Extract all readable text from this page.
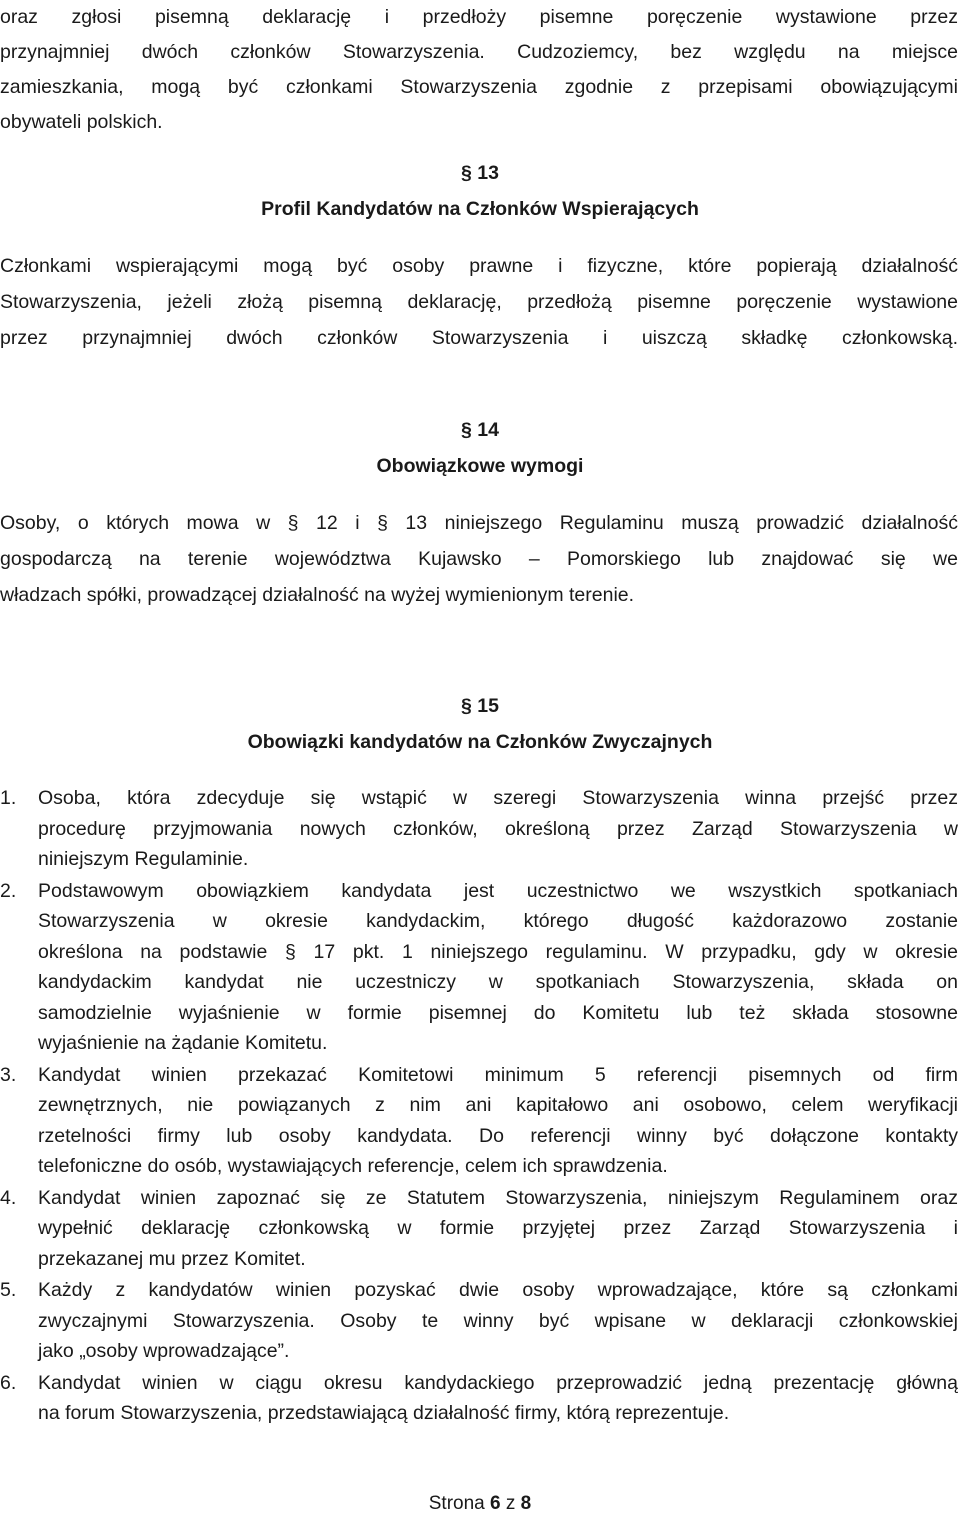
oraz zgłosi pisemną deklarację i przedłoży pisemne poręczenie wystawione przez

przynajmniej dwóch członków Stowarzyszenia. Cudzoziemcy, bez względu na miejsce

zamieszkania, mogą być członkami Stowarzyszenia zgodnie z przepisami obowiązującymi

obywateli polskich.

§ 13

Profil Kandydatów na Członków Wspierających

Członkami wspierającymi mogą być osoby prawne i fizyczne, które popierają działalność

Stowarzyszenia, jeżeli złożą pisemną deklarację, przedłożą pisemne poręczenie wystawione

przez przynajmniej dwóch członków Stowarzyszenia i uiszczą składkę członkowską.

§ 14

Obowiązkowe wymogi

Osoby, o których mowa w § 12 i § 13 niniejszego Regulaminu muszą prowadzić działalność

gospodarczą na terenie województwa Kujawsko – Pomorskiego lub znajdować się we

władzach spółki, prowadzącej działalność na wyżej wymienionym terenie.

§ 15

Obowiązki kandydatów na Członków Zwyczajnych

1. Osoba, która zdecyduje się wstąpić w szeregi Stowarzyszenia winna przejść przez

procedurę przyjmowania nowych członków, określoną przez Zarząd Stowarzyszenia w

niniejszym Regulaminie.

2. Podstawowym obowiązkiem kandydata jest uczestnictwo we wszystkich spotkaniach

Stowarzyszenia w okresie kandydackim, którego długość każdorazowo zostanie

określona na podstawie § 17 pkt. 1 niniejszego regulaminu. W przypadku, gdy w okresie

kandydackim kandydat nie uczestniczy w spotkaniach Stowarzyszenia, składa on

samodzielnie wyjaśnienie w formie pisemnej do Komitetu lub też składa stosowne

wyjaśnienie na żądanie Komitetu.

3. Kandydat winien przekazać Komitetowi minimum 5 referencji pisemnych od firm

zewnętrznych, nie powiązanych z nim ani kapitałowo ani osobowo, celem weryfikacji

rzetelności firmy lub osoby kandydata. Do referencji winny być dołączone kontakty

telefoniczne do osób, wystawiających referencje, celem ich sprawdzenia.

4. Kandydat winien zapoznać się ze Statutem Stowarzyszenia, niniejszym Regulaminem oraz

wypełnić deklarację członkowską w formie przyjętej przez Zarząd Stowarzyszenia i

przekazanej mu przez Komitet.

5. Każdy z kandydatów winien pozyskać dwie osoby wprowadzające, które są członkami

zwyczajnymi Stowarzyszenia. Osoby te winny być wpisane w deklaracji członkowskiej

jako „osoby wprowadzające”.

6. Kandydat winien w ciągu okresu kandydackiego przeprowadzić jedną prezentację główną

na forum Stowarzyszenia, przedstawiającą działalność firmy, którą reprezentuje.

Strona 6 z 8
